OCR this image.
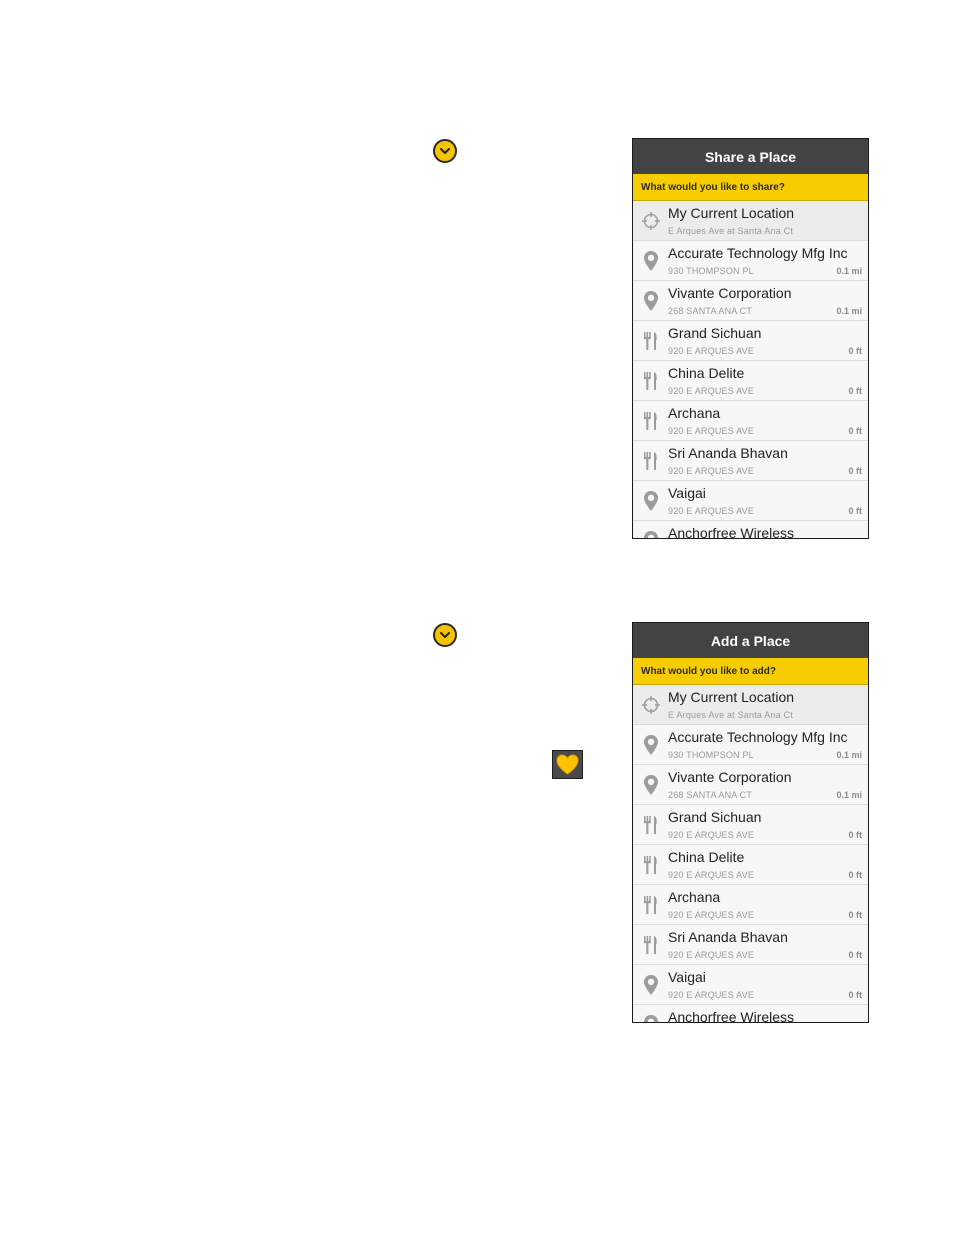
Share a Place
What would you like to share?
My Current Location
E Arques Ave at Santa Ana Ct
Accurate Technology Mfg Inc
930 THOMPSON PL	0.1 mi
Vivante Corporation
268 SANTA ANA CT	0.1 mi
Grand Sichuan
920 E ARQUES AVE	0 ft
China Delite
920 E ARQUES AVE	0 ft
Archana
920 E ARQUES AVE	0 ft
Sri Ananda Bhavan
920 E ARQUES AVE	0 ft
Vaigai
920 E ARQUES AVE	0 ft
Anchorfree Wireless
Add a Place
What would you like to add?
My Current Location
E Arques Ave at Santa Ana Ct
Accurate Technology Mfg Inc
930 THOMPSON PL	0.1 mi
Vivante Corporation
268 SANTA ANA CT	0.1 mi
Grand Sichuan
920 E ARQUES AVE	0 ft
China Delite
920 E ARQUES AVE	0 ft
Archana
920 E ARQUES AVE	0 ft
Sri Ananda Bhavan
920 E ARQUES AVE	0 ft
Vaigai
920 E ARQUES AVE	0 ft
Anchorfree Wireless
